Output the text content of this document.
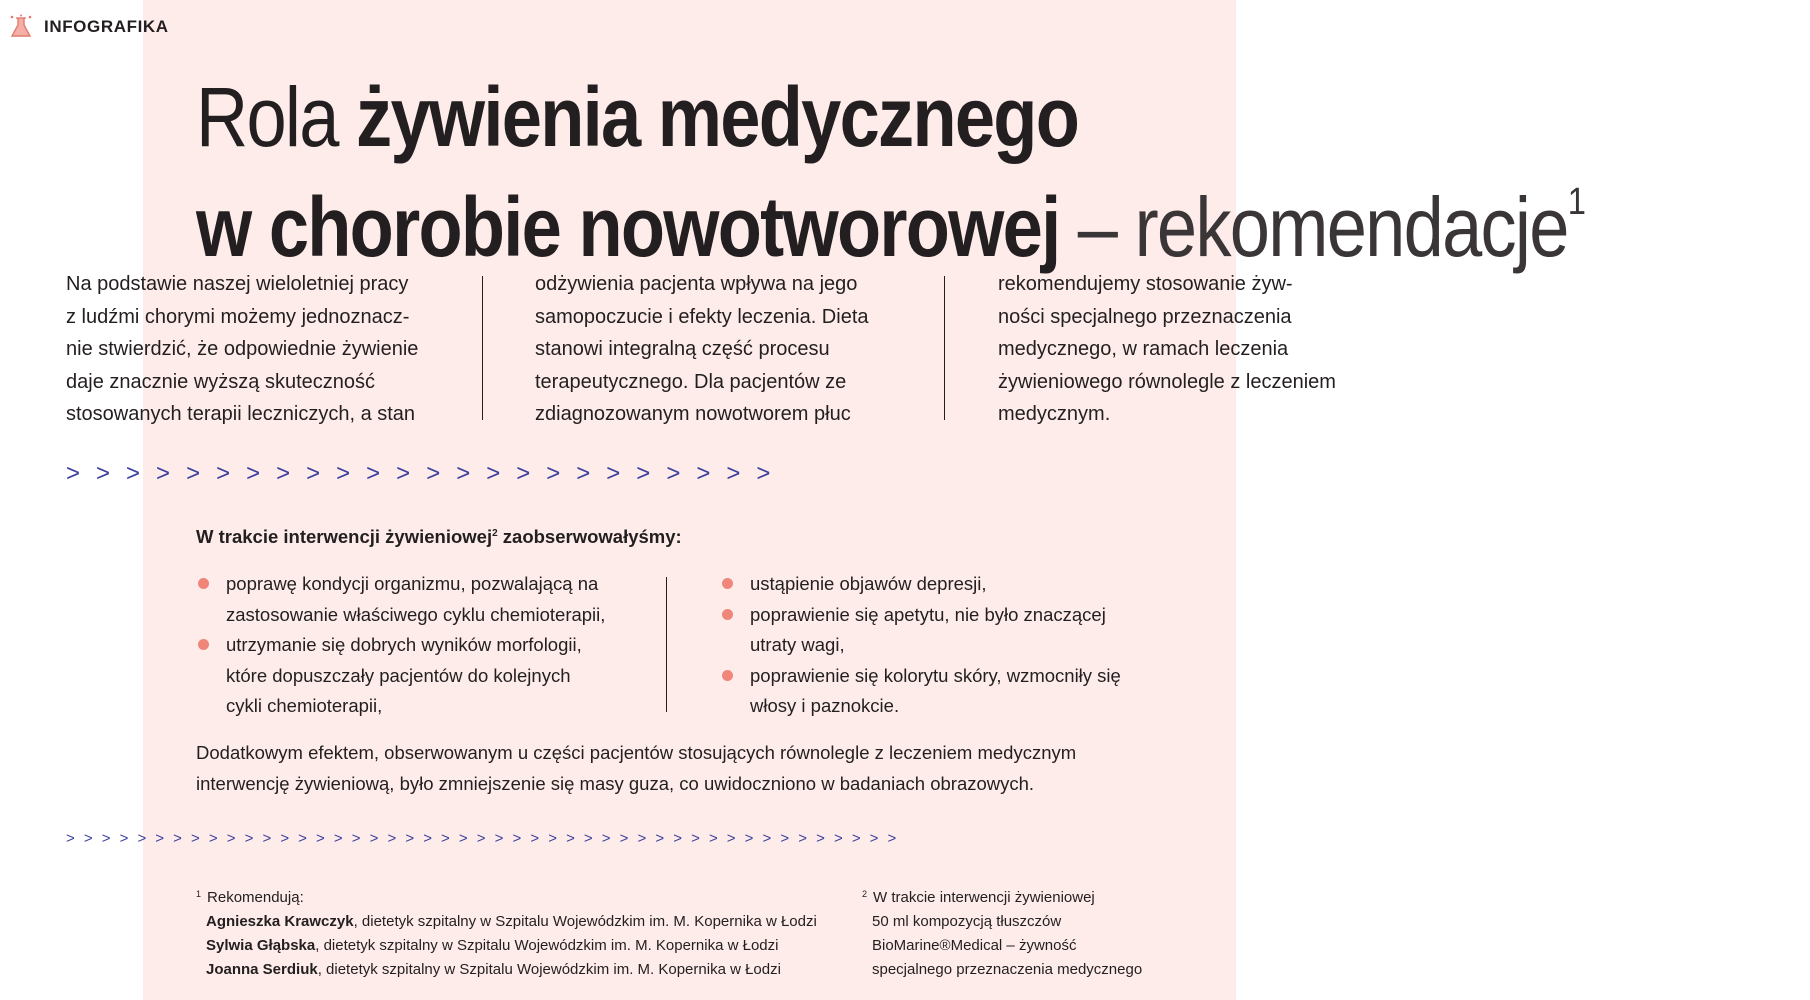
INFOGRAFIKA
Rola żywienia medycznego
w chorobie nowotworowej – rekomendacje$^1$
Na podstawie naszej wieloletniej pracy
z ludźmi chorymi możemy jednoznacz-
nie stwierdzić, że odpowiednie żywienie
daje znacznie wyższą skuteczność
stosowanych terapii leczniczych, a stan
odżywienia pacjenta wpływa na jego
samopoczucie i efekty leczenia. Dieta
stanowi integralną część procesu
terapeutycznego. Dla pacjentów ze
zdiagnozowanym nowotworem płuc
rekomendujemy stosowanie żyw-
ności specjalnego przeznaczenia
medycznego, w ramach leczenia
żywieniowego równolegle z leczeniem
medycznym.
> > > > > > > > > > > > > > > > > > > > > > > >
W trakcie interwencji żywieniowej$^2$ zaobserwowałyśmy:
poprawę kondycji organizmu, pozwalającą na
zastosowanie właściwego cyklu chemioterapii,
utrzymanie się dobrych wyników morfologii,
które dopuszczały pacjentów do kolejnych
cykli chemioterapii,
ustąpienie objawów depresji,
poprawienie się apetytu, nie było znaczącej
utraty wagi,
poprawienie się kolorytu skóry, wzmocniły się
włosy i paznokcie.
Dodatkowym efektem, obserwowanym u części pacjentów stosujących równolegle z leczeniem medycznym
interwencję żywieniową, było zmniejszenie się masy guza, co uwidoczniono w badaniach obrazowych.
> > > > > > > > > > > > > > > > > > > > > > > > > > > > > > > > > > > > > > > > > > > > > > >
$^1$ Rekomendują:
Agnieszka Krawczyk, dietetyk szpitalny w Szpitalu Wojewódzkim im. M. Kopernika w Łodzi
Sylwia Głąbska, dietetyk szpitalny w Szpitalu Wojewódzkim im. M. Kopernika w Łodzi
Joanna Serdiuk, dietetyk szpitalny w Szpitalu Wojewódzkim im. M. Kopernika w Łodzi
$^2$ W trakcie interwencji żywieniowej
50 ml kompozycją tłuszczów
BioMarine®Medical – żywność
specjalnego przeznaczenia medycznego
